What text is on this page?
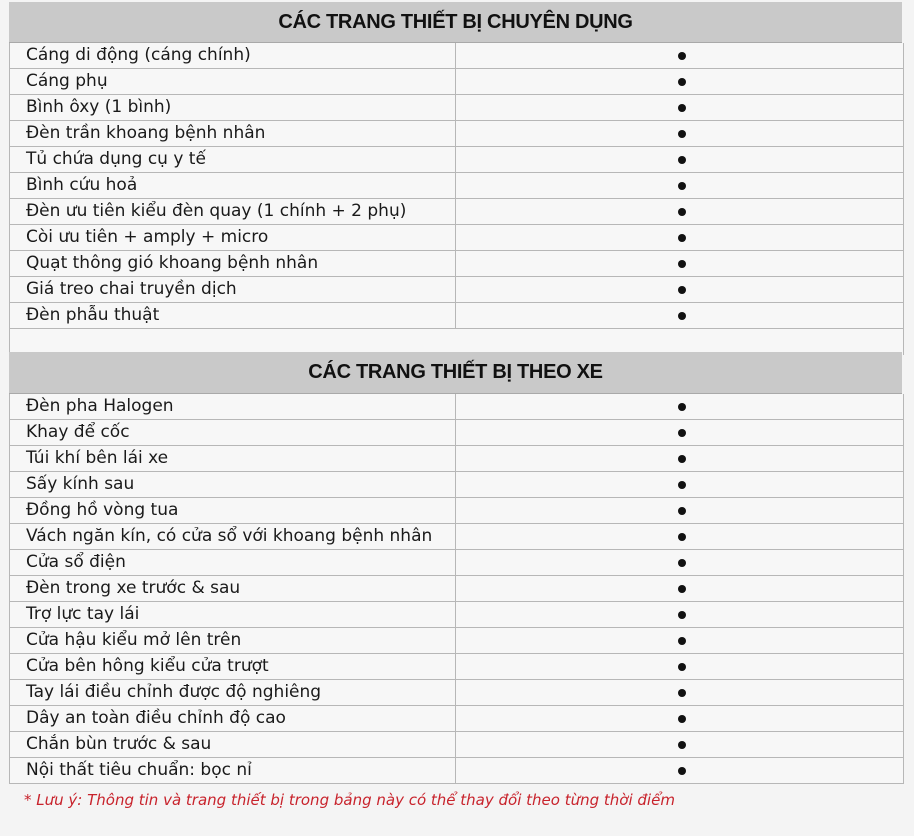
CÁC TRANG THIẾT BỊ CHUYÊN DỤNG
Cáng di động (cáng chính)
Cáng phụ
Bình ôxy (1 bình)
Đèn trần khoang bệnh nhân
Tủ chứa dụng cụ y tế
Bình cứu hoả
Đèn ưu tiên kiểu đèn quay (1 chính + 2 phụ)
Còi ưu tiên + amply + micro
Quạt thông gió khoang bệnh nhân
Giá treo chai truyền dịch
Đèn phẫu thuật
CÁC TRANG THIẾT BỊ THEO XE
Đèn pha Halogen
Khay để cốc
Túi khí bên lái xe
Sấy kính sau
Đồng hồ vòng tua
Vách ngăn kín, có cửa sổ với khoang bệnh nhân
Cửa sổ điện
Đèn trong xe trước & sau
Trợ lực tay lái
Cửa hậu kiểu mở lên trên
Cửa bên hông kiểu cửa trượt
Tay lái điều chỉnh được độ nghiêng
Dây an toàn điều chỉnh độ cao
Chắn bùn trước & sau
Nội thất tiêu chuẩn: bọc nỉ
* Lưu ý: Thông tin và trang thiết bị trong bảng này có thể thay đổi theo từng thời điểm
